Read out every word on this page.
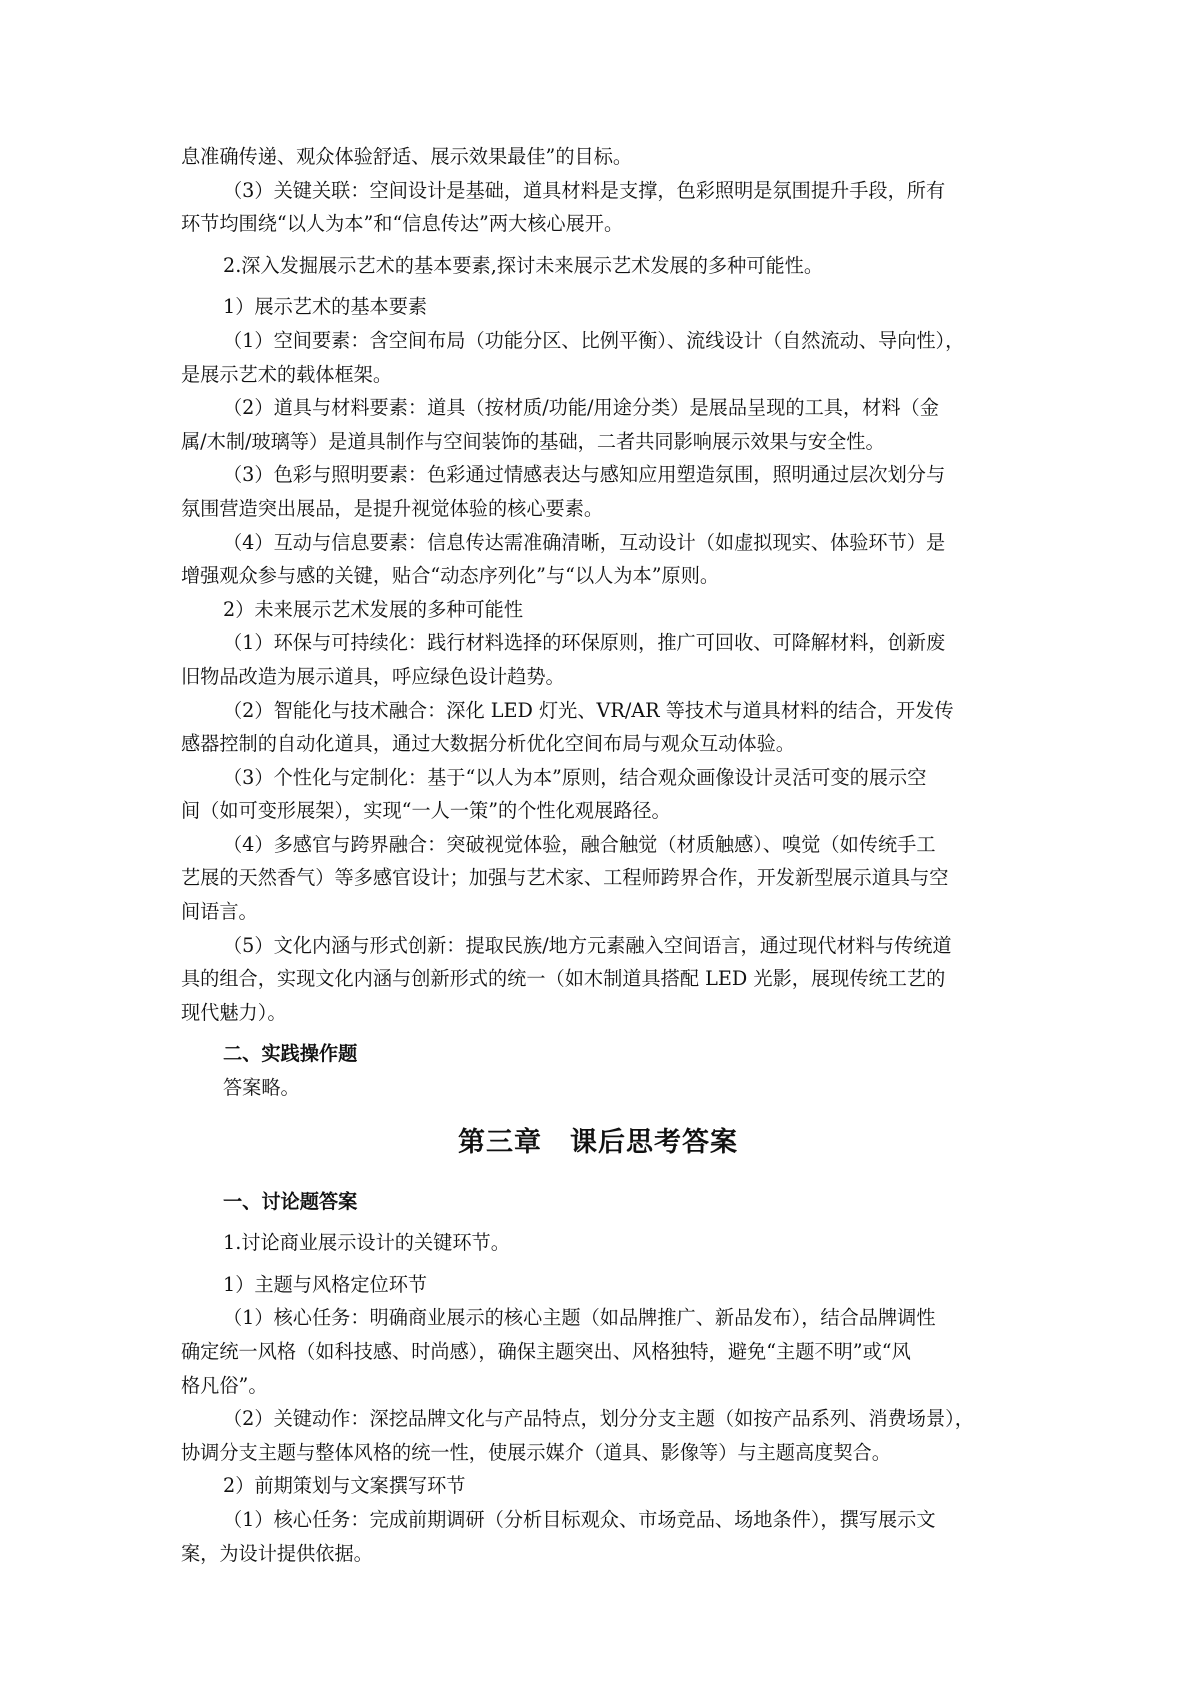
息准确传递、观众体验舒适、展示效果最佳”的目标。
（3）关键关联：空间设计是基础，道具材料是支撑，色彩照明是氛围提升手段，所有
环节均围绕“以人为本”和“信息传达”两大核心展开。
2.深入发掘展示艺术的基本要素,探讨未来展示艺术发展的多种可能性。
1）展示艺术的基本要素
（1）空间要素：含空间布局（功能分区、比例平衡）、流线设计（自然流动、导向性），
是展示艺术的载体框架。
（2）道具与材料要素：道具（按材质/功能/用途分类）是展品呈现的工具，材料（金
属/木制/玻璃等）是道具制作与空间装饰的基础，二者共同影响展示效果与安全性。
（3）色彩与照明要素：色彩通过情感表达与感知应用塑造氛围，照明通过层次划分与
氛围营造突出展品，是提升视觉体验的核心要素。
（4）互动与信息要素：信息传达需准确清晰，互动设计（如虚拟现实、体验环节）是
增强观众参与感的关键，贴合“动态序列化”与“以人为本”原则。
2）未来展示艺术发展的多种可能性
（1）环保与可持续化：践行材料选择的环保原则，推广可回收、可降解材料，创新废
旧物品改造为展示道具，呼应绿色设计趋势。
（2）智能化与技术融合：深化 LED 灯光、VR/AR 等技术与道具材料的结合，开发传
感器控制的自动化道具，通过大数据分析优化空间布局与观众互动体验。
（3）个性化与定制化：基于“以人为本”原则，结合观众画像设计灵活可变的展示空
间（如可变形展架），实现“一人一策”的个性化观展路径。
（4）多感官与跨界融合：突破视觉体验，融合触觉（材质触感）、嗅觉（如传统手工
艺展的天然香气）等多感官设计；加强与艺术家、工程师跨界合作，开发新型展示道具与空
间语言。
（5）文化内涵与形式创新：提取民族/地方元素融入空间语言，通过现代材料与传统道
具的组合，实现文化内涵与创新形式的统一（如木制道具搭配 LED 光影，展现传统工艺的
现代魅力）。
二、实践操作题
答案略。
第三章 课后思考答案
一、讨论题答案
1.讨论商业展示设计的关键环节。
1）主题与风格定位环节
（1）核心任务：明确商业展示的核心主题（如品牌推广、新品发布），结合品牌调性
确定统一风格（如科技感、时尚感），确保主题突出、风格独特，避免“主题不明”或“风
格凡俗”。
（2）关键动作：深挖品牌文化与产品特点，划分分支主题（如按产品系列、消费场景），
协调分支主题与整体风格的统一性，使展示媒介（道具、影像等）与主题高度契合。
2）前期策划与文案撰写环节
（1）核心任务：完成前期调研（分析目标观众、市场竞品、场地条件），撰写展示文
案，为设计提供依据。
